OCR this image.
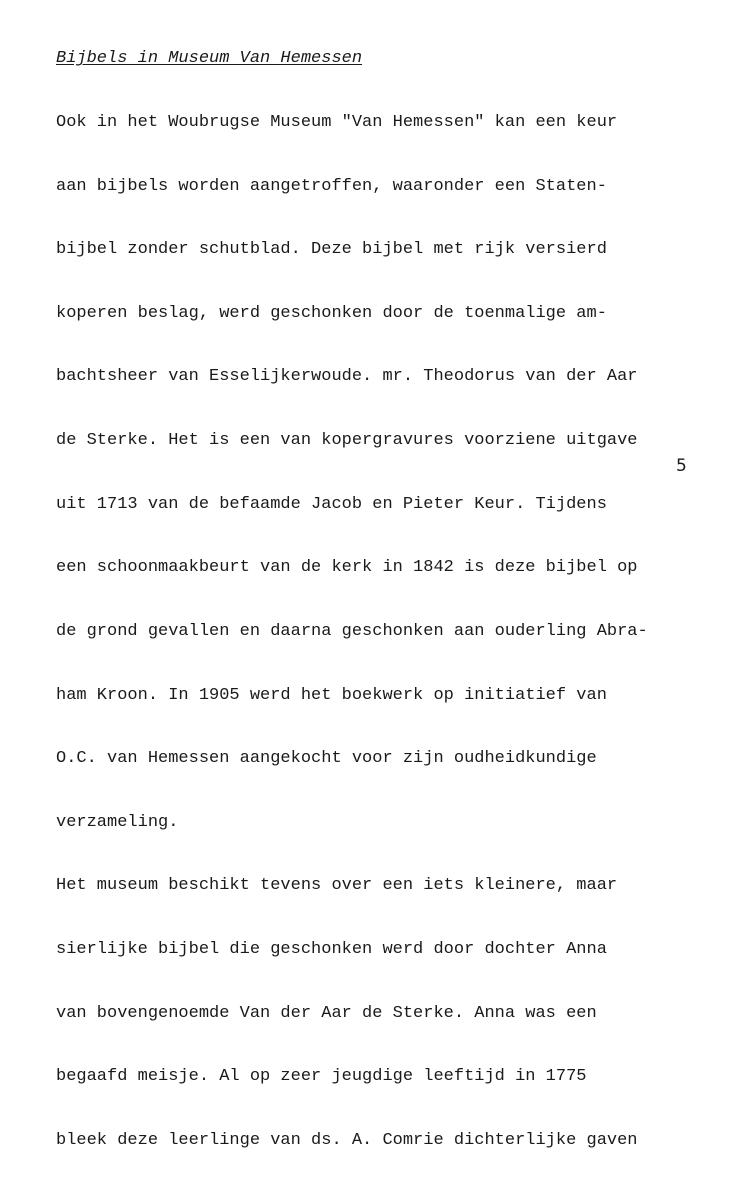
Bijbels in Museum Van Hemessen

Ook in het Woubrugse Museum "Van Hemessen" kan een keur

aan bijbels worden aangetroffen, waaronder een Staten-

bijbel zonder schutblad. Deze bijbel met rijk versierd

koperen beslag, werd geschonken door de toenmalige am-

bachtsheer van Esselijkerwoude. mr. Theodorus van der Aar

de Sterke. Het is een van kopergravures voorziene uitgave

uit 1713 van de befaamde Jacob en Pieter Keur. Tijdens

een schoonmaakbeurt van de kerk in 1842 is deze bijbel op

de grond gevallen en daarna geschonken aan ouderling Abra-

ham Kroon. In 1905 werd het boekwerk op initiatief van

O.C. van Hemessen aangekocht voor zijn oudheidkundige

verzameling.

Het museum beschikt tevens over een iets kleinere, maar

sierlijke bijbel die geschonken werd door dochter Anna

van bovengenoemde Van der Aar de Sterke. Anna was een

begaafd meisje. Al op zeer jeugdige leeftijd in 1775

bleek deze leerlinge van ds. A. Comrie dichterlijke gaven

5
